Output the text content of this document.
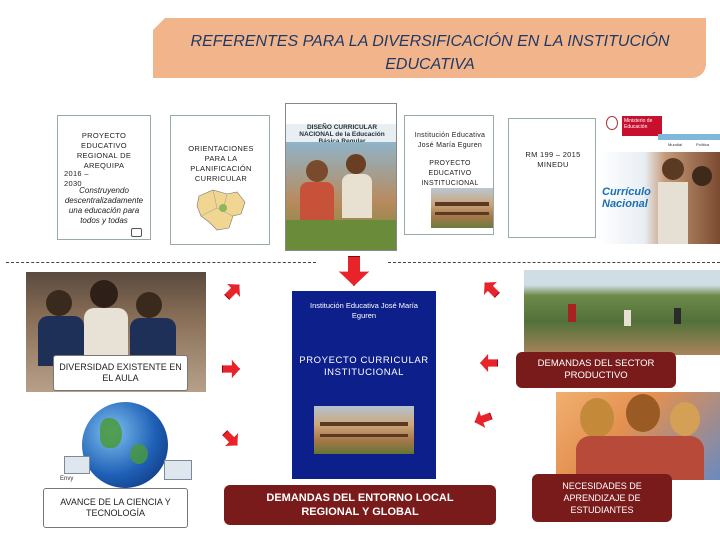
REFERENTES PARA LA DIVERSIFICACIÓN EN LA INSTITUCIÓN
EDUCATIVA
PROYECTO EDUCATIVO REGIONAL DE AREQUIPA
2016 – 2030
Construyendo descentralizadamente una educación para todos y todas
ORIENTACIONES PARA LA PLANIFICACIÓN CURRICULAR
DISEÑO CURRICULAR NACIONAL de la Educación	Institución Educativa José María Eguren
PROYECTO EDUCATIVO INSTITUCIONAL
RM 199 – 2015 MINEDU
Ministerio de Educación
Mundial	Política
Currículo Nacional
Institución Educativa José María Eguren
PROYECTO CURRICULAR INSTITUCIONAL
DIVERSIDAD EXISTENTE EN EL AULA
DEMANDAS DEL SECTOR PRODUCTIVO
Envy
AVANCE DE LA CIENCIA Y TECNOLOGÍA
NECESIDADES DE APRENDIZAJE DE ESTUDIANTES
DEMANDAS DEL ENTORNO LOCAL REGIONAL Y GLOBAL
